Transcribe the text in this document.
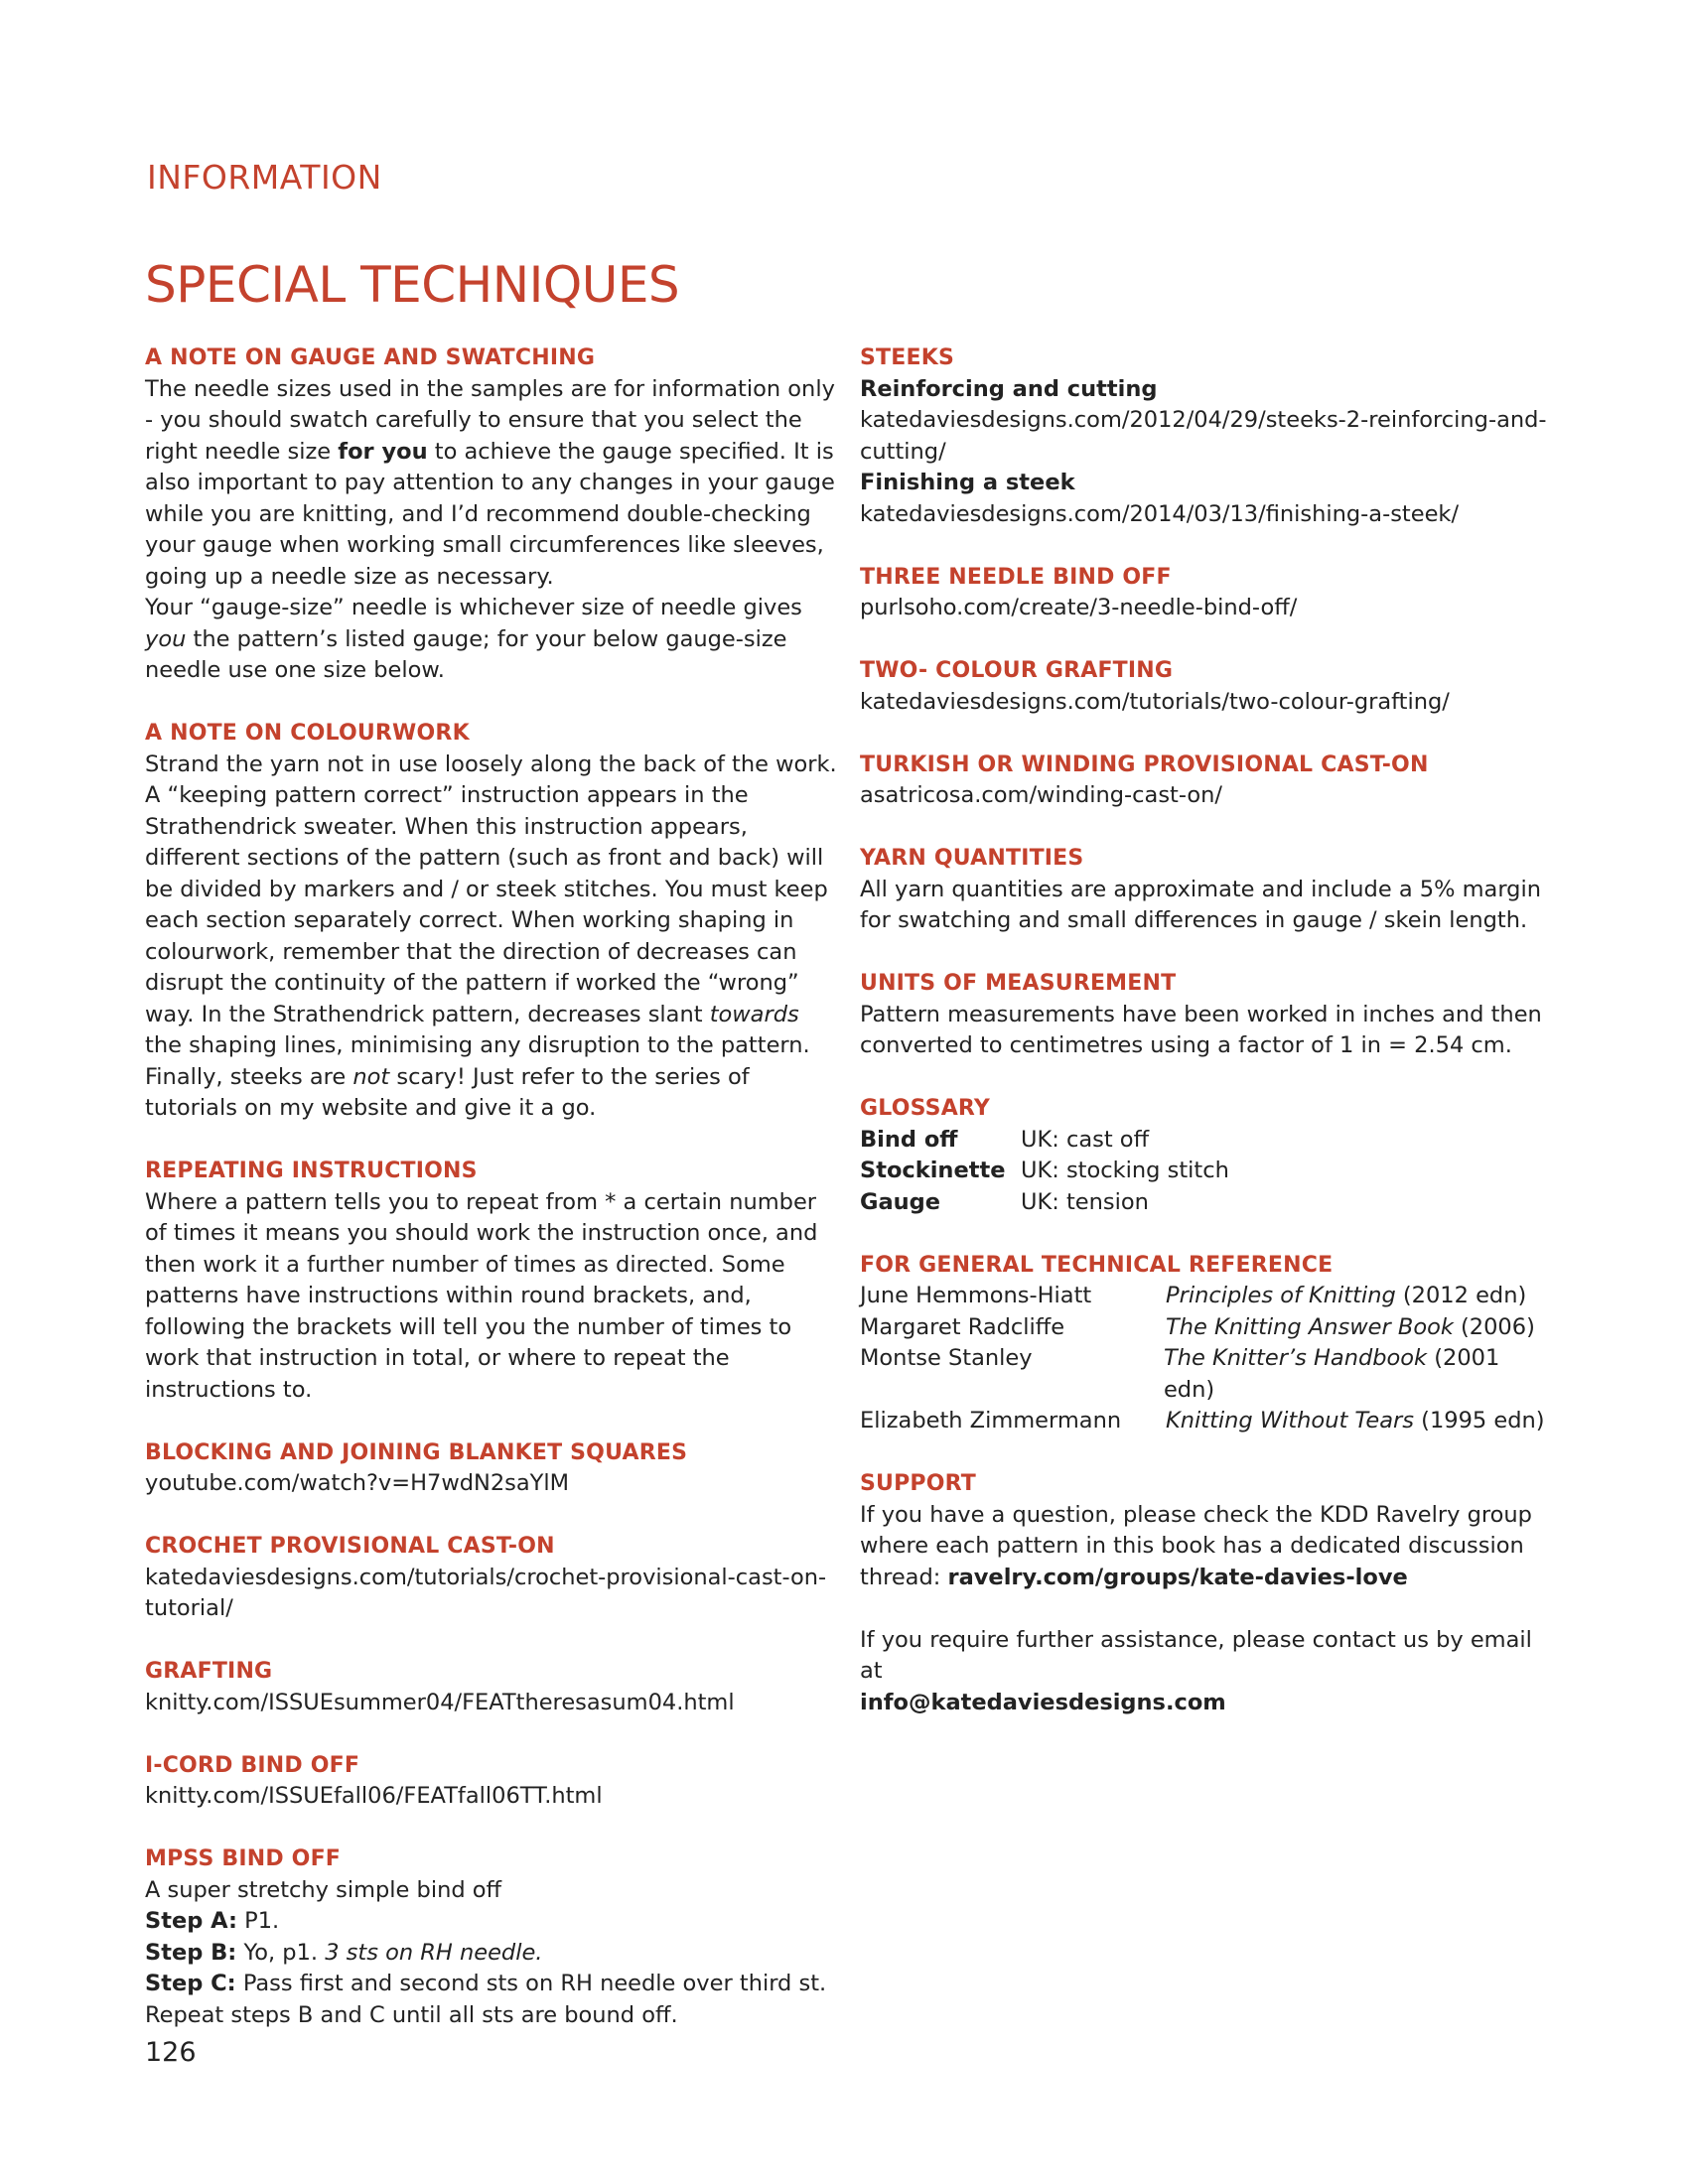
INFORMATION
SPECIAL TECHNIQUES
A NOTE ON GAUGE AND SWATCHING
The needle sizes used in the samples are for information only - you should swatch carefully to ensure that you select the right needle size for you to achieve the gauge specified. It is also important to pay attention to any changes in your gauge while you are knitting, and I’d recommend double-checking your gauge when working small circumferences like sleeves, going up a needle size as necessary.
Your “gauge-size” needle is whichever size of needle gives you the pattern’s listed gauge; for your below gauge-size needle use one size below.
A NOTE ON COLOURWORK
Strand the yarn not in use loosely along the back of the work. A “keeping pattern correct” instruction appears in the Strathendrick sweater. When this instruction appears, different sections of the pattern (such as front and back) will be divided by markers and / or steek stitches. You must keep each section separately correct. When working shaping in colourwork, remember that the direction of decreases can disrupt the continuity of the pattern if worked the “wrong” way. In the Strathendrick pattern, decreases slant towards the shaping lines, minimising any disruption to the pattern. Finally, steeks are not scary! Just refer to the series of tutorials on my website and give it a go.
REPEATING INSTRUCTIONS
Where a pattern tells you to repeat from * a certain number of times it means you should work the instruction once, and then work it a further number of times as directed. Some patterns have instructions within round brackets, and, following the brackets will tell you the number of times to work that instruction in total, or where to repeat the instructions to.
BLOCKING AND JOINING BLANKET SQUARES
youtube.com/watch?v=H7wdN2saYlM
CROCHET PROVISIONAL CAST-ON
katedaviesdesigns.com/tutorials/crochet-provisional-cast-on-tutorial/
GRAFTING
knitty.com/ISSUEsummer04/FEATtheresasum04.html
I-CORD BIND OFF
knitty.com/ISSUEfall06/FEATfall06TT.html
MPSS BIND OFF
A super stretchy simple bind off
Step A: P1.
Step B: Yo, p1. 3 sts on RH needle.
Step C: Pass first and second sts on RH needle over third st.
Repeat steps B and C until all sts are bound off.
STEEKS
Reinforcing and cutting
katedaviesdesigns.com/2012/04/29/steeks-2-reinforcing-and-cutting/
Finishing a steek
katedaviesdesigns.com/2014/03/13/finishing-a-steek/
THREE NEEDLE BIND OFF
purlsoho.com/create/3-needle-bind-off/
TWO- COLOUR GRAFTING
katedaviesdesigns.com/tutorials/two-colour-grafting/
TURKISH OR WINDING PROVISIONAL CAST-ON
asatricosa.com/winding-cast-on/
YARN QUANTITIES
All yarn quantities are approximate and include a 5% margin for swatching and small differences in gauge / skein length.
UNITS OF MEASUREMENT
Pattern measurements have been worked in inches and then converted to centimetres using a factor of 1 in = 2.54 cm.
GLOSSARY
Bind off	UK: cast off
Stockinette UK: stocking stitch
Gauge	UK: tension
FOR GENERAL TECHNICAL REFERENCE
June Hemmons-Hiatt	Principles of Knitting (2012 edn)
Margaret Radcliffe	The Knitting Answer Book (2006)
Montse Stanley	The Knitter’s Handbook (2001 edn)
Elizabeth Zimmermann	Knitting Without Tears (1995 edn)
SUPPORT
If you have a question, please check the KDD Ravelry group where each pattern in this book has a dedicated discussion thread: ravelry.com/groups/kate-davies-love
If you require further assistance, please contact us by email at
info@katedaviesdesigns.com
126
